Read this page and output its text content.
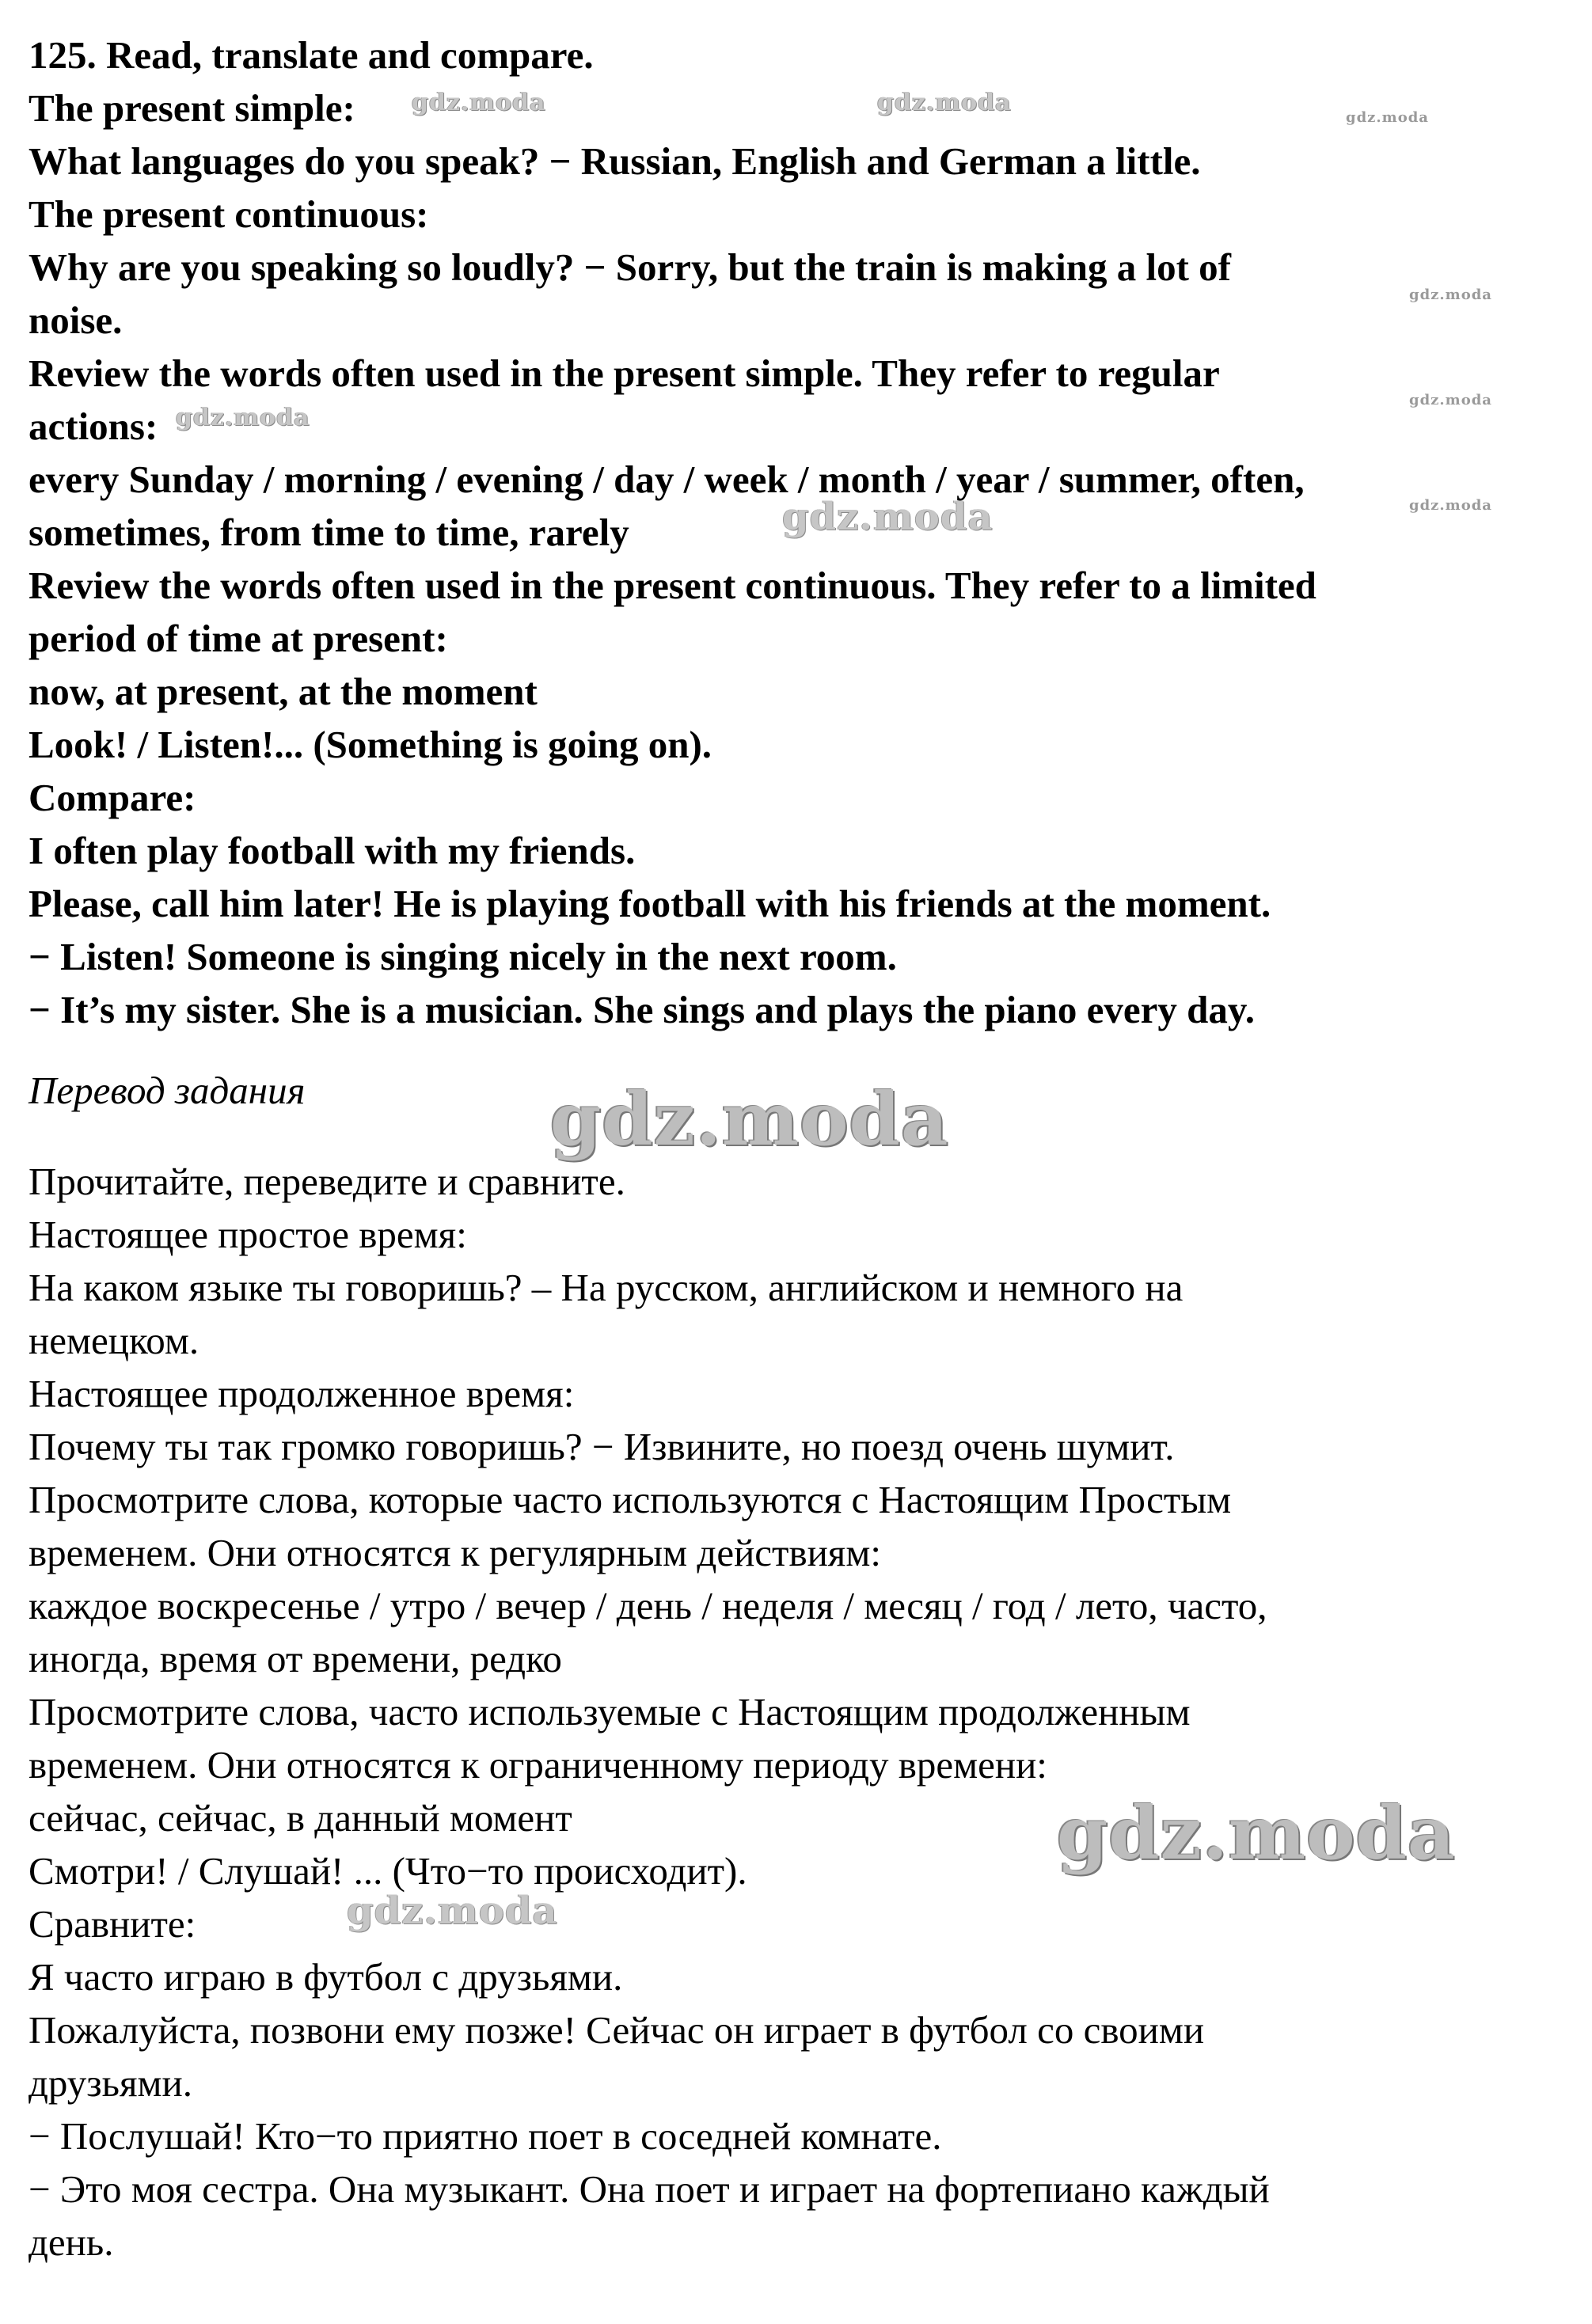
125. Read, translate and compare.
The present simple:
What languages do you speak? − Russian, English and German a little.
The present continuous:
Why are you speaking so loudly? − Sorry, but the train is making a lot of
noise.
Review the words often used in the present simple. They refer to regular
actions:
every Sunday / morning / evening / day / week / month / year / summer, often,
sometimes, from time to time, rarely
Review the words often used in the present continuous. They refer to a limited
period of time at present:
now, at present, at the moment
Look! / Listen!... (Something is going on).
Compare:
I often play football with my friends.
Please, call him later! He is playing football with his friends at the moment.
− Listen! Someone is singing nicely in the next room.
− It’s my sister. She is a musician. She sings and plays the piano every day.
Перевод задания
Прочитайте, переведите и сравните.
Настоящее простое время:
На каком языке ты говоришь? – На русском, английском и немного на
немецком.
Настоящее продолженное время:
Почему ты так громко говоришь? − Извините, но поезд очень шумит.
Просмотрите слова, которые часто используются с Настоящим Простым
временем. Они относятся к регулярным действиям:
каждое воскресенье / утро / вечер / день / неделя / месяц / год / лето, часто,
иногда, время от времени, редко
Просмотрите слова, часто используемые с Настоящим продолженным
временем. Они относятся к ограниченному периоду времени:
сейчас, сейчас, в данный момент
Смотри! / Слушай! ... (Что−то происходит).
Сравните:
Я часто играю в футбол с друзьями.
Пожалуйста, позвони ему позже! Сейчас он играет в футбол со своими
друзьями.
− Послушай! Кто−то приятно поет в соседней комнате.
− Это моя сестра. Она музыкант. Она поет и играет на фортепиано каждый
день.
gdz.moda	gdz.moda
gdz.moda
gdz.moda
gdz.moda
gdz.moda
gdz.moda	gdz.moda
gdz.moda
gdz.moda
gdz.moda
